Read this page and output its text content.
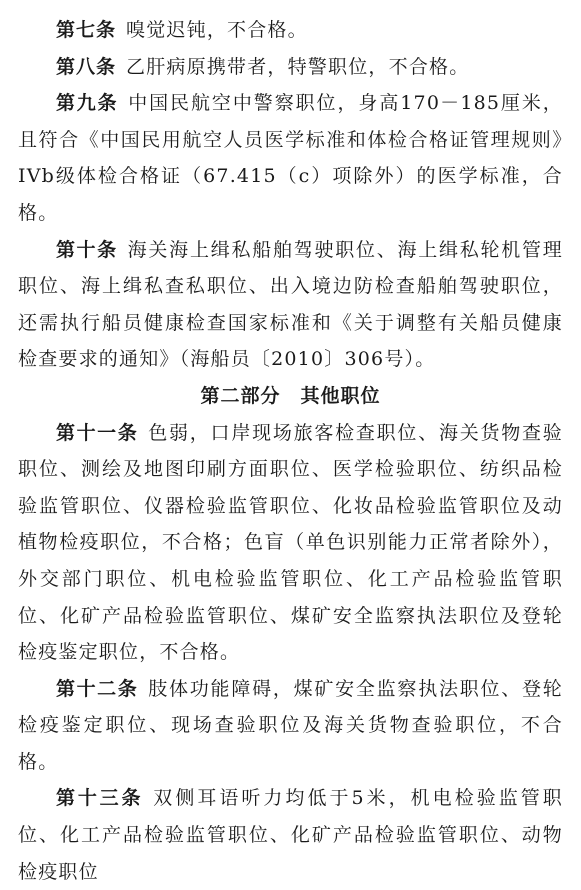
第七条 嗅觉迟钝，不合格。

第八条 乙肝病原携带者，特警职位，不合格。

第九条 中国民航空中警察职位，身高170－185厘米，且符合《中国民用航空人员医学标准和体检合格证管理规则》IVb级体检合格证（67.415（c）项除外）的医学标准，合格。

第十条 海关海上缉私船舶驾驶职位、海上缉私轮机管理职位、海上缉私查私职位、出入境边防检查船舶驾驶职位，还需执行船员健康检查国家标准和《关于调整有关船员健康检查要求的通知》（海船员〔2010〕306号）。

第二部分　其他职位

第十一条 色弱，口岸现场旅客检查职位、海关货物查验职位、测绘及地图印刷方面职位、医学检验职位、纺织品检验监管职位、仪器检验监管职位、化妆品检验监管职位及动植物检疫职位，不合格；色盲（单色识别能力正常者除外），外交部门职位、机电检验监管职位、化工产品检验监管职位、化矿产品检验监管职位、煤矿安全监察执法职位及登轮检疫鉴定职位，不合格。

第十二条 肢体功能障碍，煤矿安全监察执法职位、登轮检疫鉴定职位、现场查验职位及海关货物查验职位，不合格。

第十三条 双侧耳语听力均低于5米，机电检验监管职位、化工产品检验监管职位、化矿产品检验监管职位、动物检疫职位
